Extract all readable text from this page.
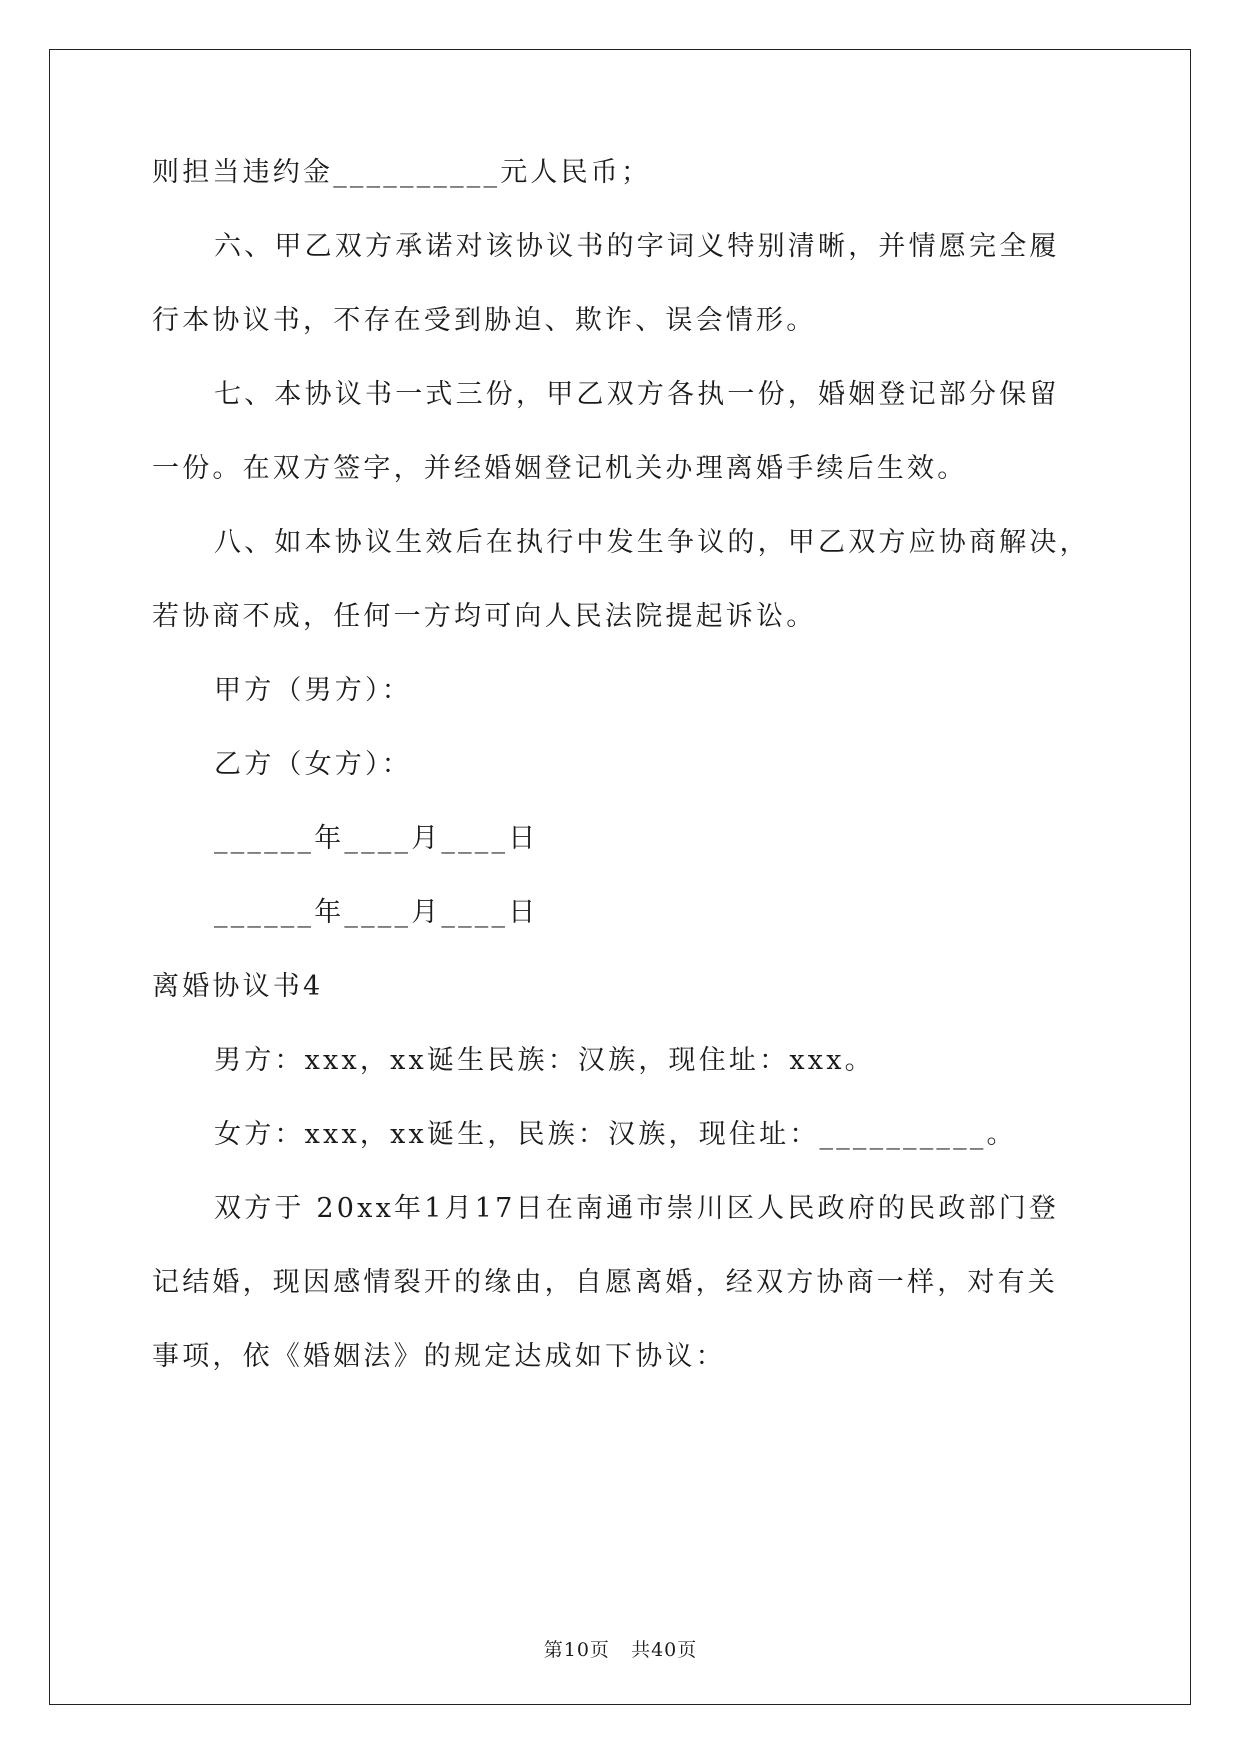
则担当违约金__________元人民币；
六、甲乙双方承诺对该协议书的字词义特别清晰，并情愿完全履
行本协议书，不存在受到胁迫、欺诈、误会情形。
七、本协议书一式三份，甲乙双方各执一份，婚姻登记部分保留
一份。在双方签字，并经婚姻登记机关办理离婚手续后生效。
八、如本协议生效后在执行中发生争议的，甲乙双方应协商解决，
若协商不成，任何一方均可向人民法院提起诉讼。
甲方（男方）：
乙方（女方）：
______年____月____日
______年____月____日
离婚协议书4
男方：xxx，xx诞生民族：汉族，现住址：xxx。
女方：xxx，xx诞生，民族：汉族，现住址：__________。
双方于 20xx年1月17日在南通市崇川区人民政府的民政部门登
记结婚，现因感情裂开的缘由，自愿离婚，经双方协商一样，对有关
事项，依《婚姻法》的规定达成如下协议：
第10页 共40页
